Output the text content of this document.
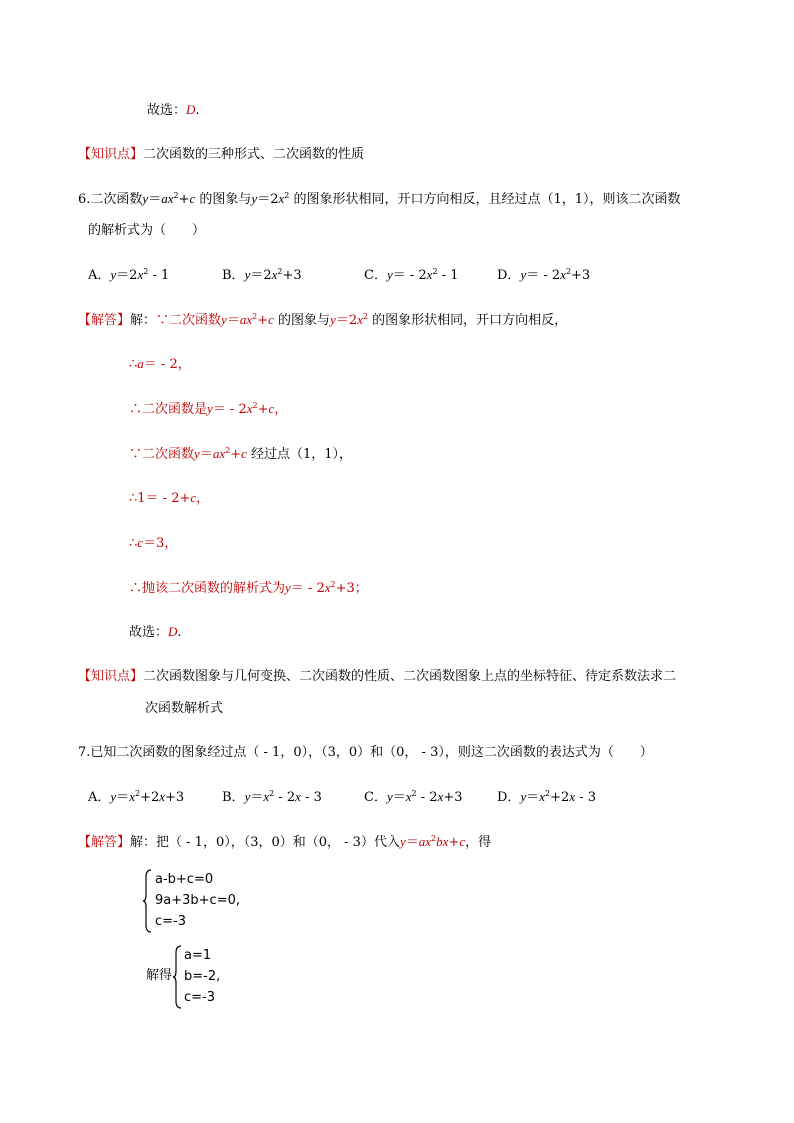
故选：D.
【知识点】二次函数的三种形式、二次函数的性质
6.二次函数$y=ax^2+c$ 的图象与$y=2x^2$ 的图象形状相同，开口方向相反，且经过点（1，1），则该二次函数
的解析式为（　　）
A．$y=2x^2 - 1$	B．$y=2x^2+3$	C．$y= - 2x^2 - 1$	D．$y= - 2x^2+3$
【解答】解：∵二次函数$y=ax^2+c$ 的图象与$y=2x^2$ 的图象形状相同，开口方向相反，
∴a＝ - 2，
∴二次函数是$y= - 2x^2+c$，
∵二次函数$y=ax^2+c$ 经过点（1，1），
∴1＝ - 2+c，
∴c＝3，
∴抛该二次函数的解析式为$y= - 2x^2+3$；
故选：D.
【知识点】二次函数图象与几何变换、二次函数的性质、二次函数图象上点的坐标特征、待定系数法求二
次函数解析式
7.已知二次函数的图象经过点（ - 1，0），（3，0）和（0， - 3），则这二次函数的表达式为（　　）
A．$y=x^2+2x+3$	B．$y=x^2 - 2x - 3$	C．$y=x^2 - 2x+3$	D．$y=x^2+2x - 3$
【解答】解：把（ - 1，0），（3，0）和（0， - 3）代入$y=ax^2bx+c$，得
a-b+c=0
9a+3b+c=0,
c=-3
解得
a=1
b=-2,
c=-3
